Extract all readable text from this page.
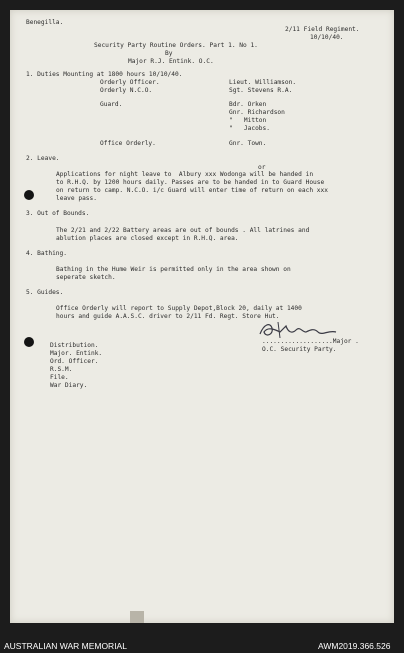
Benegilla.
2/11 Field Regiment.
10/10/40.
Security Party Routine Orders. Part 1. No 1.
By
Major R.J. Entink. O.C.
1. Duties Mounting at 1800 hours 10/10/40.
Orderly Officer.	Lieut. Williamson.
Orderly N.C.O.	Sgt. Stevens R.A.
Guard.	Bdr. Orken
Gnr. Richardson
"   Mitton
"   Jacobs.
Office Orderly.	Gnr. Town.
2. Leave.
or
Applications for night leave to  Albury xxx Wodonga will be handed in
to R.H.Q. by 1200 hours daily. Passes are to be handed in to Guard House
on return to camp. N.C.O. i/c Guard will enter time of return on each xxx
leave pass.
3. Out of Bounds.
The 2/21 and 2/22 Battery areas are out of bounds . All latrines and
ablution places are closed except in R.H.Q. area.
4. Bathing.
Bathing in the Hume Weir is permitted only in the area shown on
seperate sketch.
5. Guides.
Office Orderly will report to Supply Depot,Block 20, daily at 1400
hours and guide A.A.S.C. driver to 2/11 Fd. Regt. Store Hut.
...................Major .
O.C. Security Party.
Distribution.
Major. Entink.
Ord. Officer.
R.S.M.
File.
War Diary.
AUSTRALIAN WAR MEMORIAL	AWM2019.366.526
